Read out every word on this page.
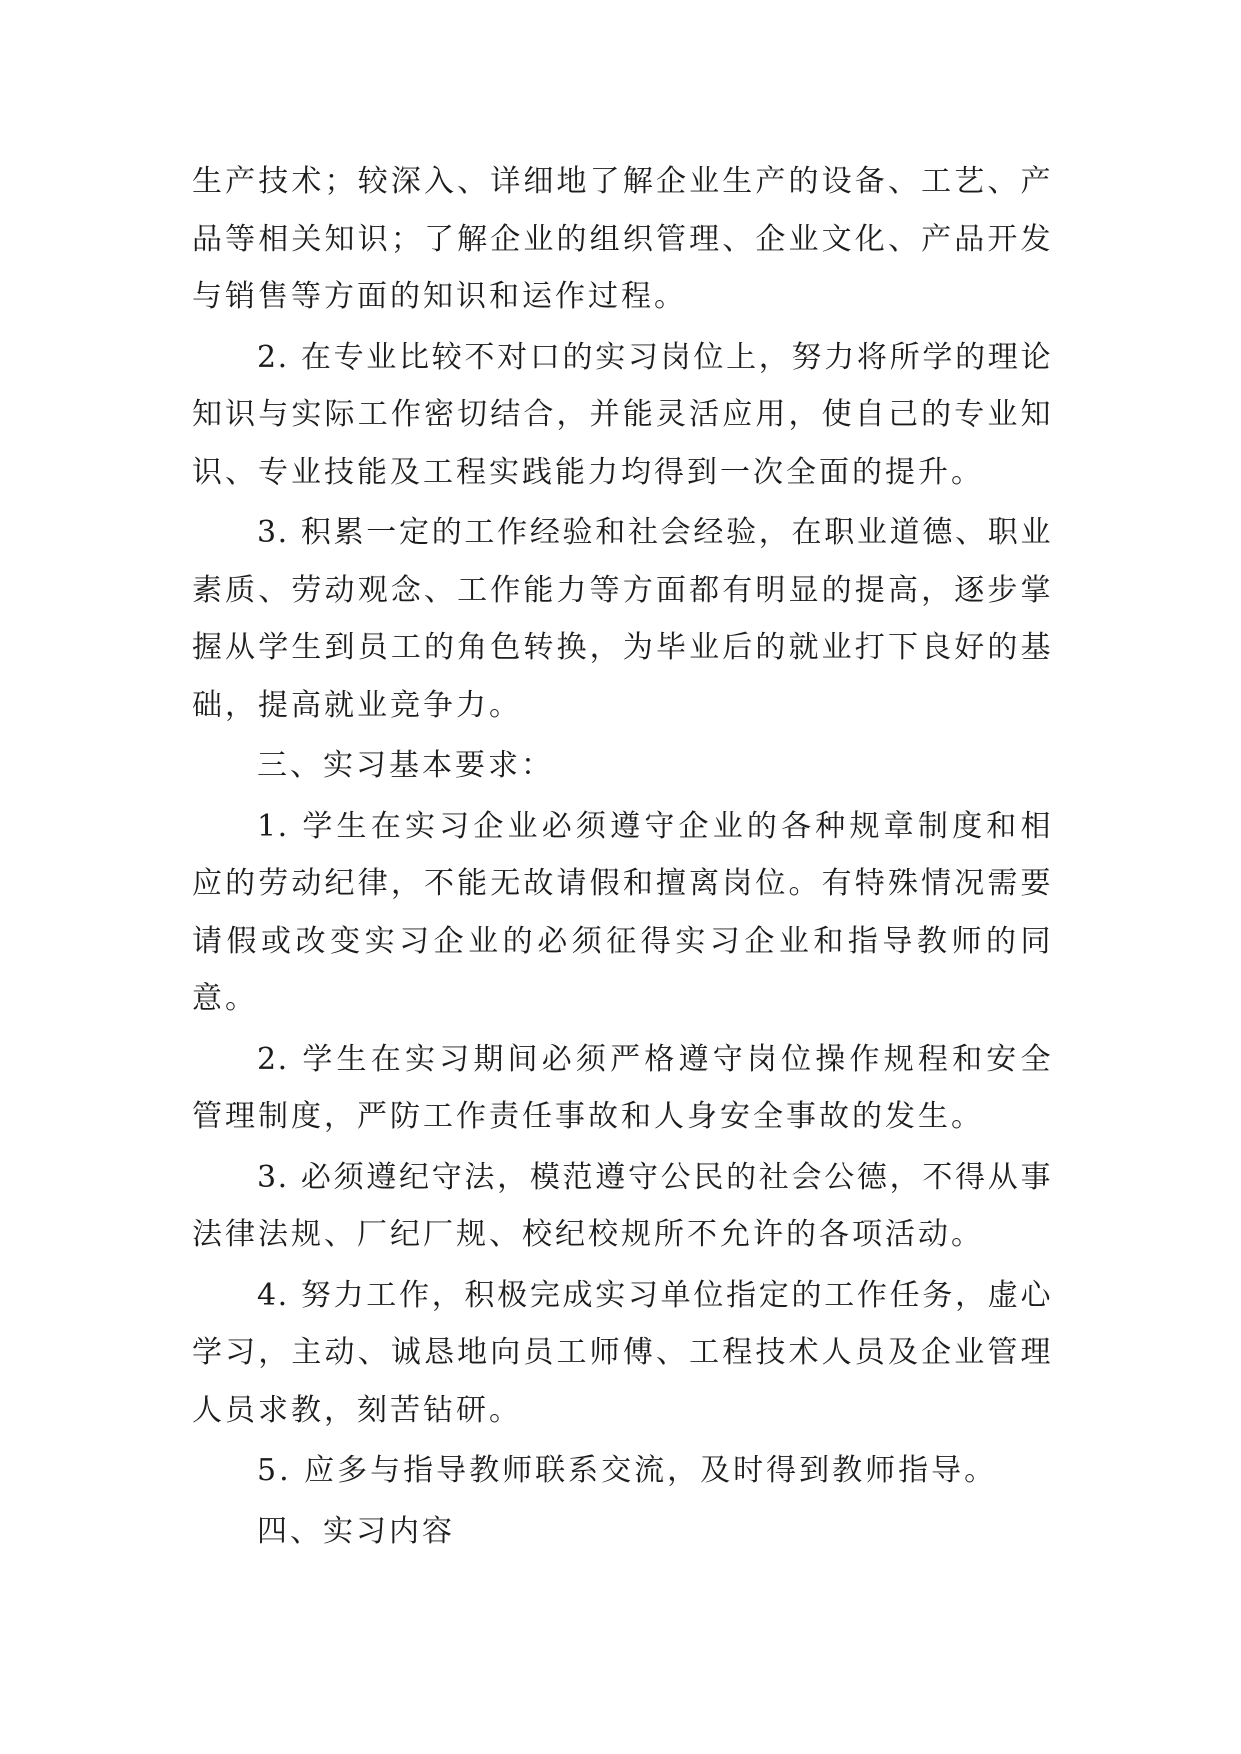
生产技术；较深入、详细地了解企业生产的设备、工艺、产
品等相关知识；了解企业的组织管理、企业文化、产品开发
与销售等方面的知识和运作过程。
2. 在专业比较不对口的实习岗位上，努力将所学的理论
知识与实际工作密切结合，并能灵活应用，使自己的专业知
识、专业技能及工程实践能力均得到一次全面的提升。
3. 积累一定的工作经验和社会经验，在职业道德、职业
素质、劳动观念、工作能力等方面都有明显的提高，逐步掌
握从学生到员工的角色转换，为毕业后的就业打下良好的基
础，提高就业竞争力。
三、实习基本要求：
1. 学生在实习企业必须遵守企业的各种规章制度和相
应的劳动纪律，不能无故请假和擅离岗位。有特殊情况需要
请假或改变实习企业的必须征得实习企业和指导教师的同
意。
2. 学生在实习期间必须严格遵守岗位操作规程和安全
管理制度，严防工作责任事故和人身安全事故的发生。
3. 必须遵纪守法，模范遵守公民的社会公德，不得从事
法律法规、厂纪厂规、校纪校规所不允许的各项活动。
4. 努力工作，积极完成实习单位指定的工作任务，虚心
学习，主动、诚恳地向员工师傅、工程技术人员及企业管理
人员求教，刻苦钻研。
5. 应多与指导教师联系交流，及时得到教师指导。
四、实习内容
